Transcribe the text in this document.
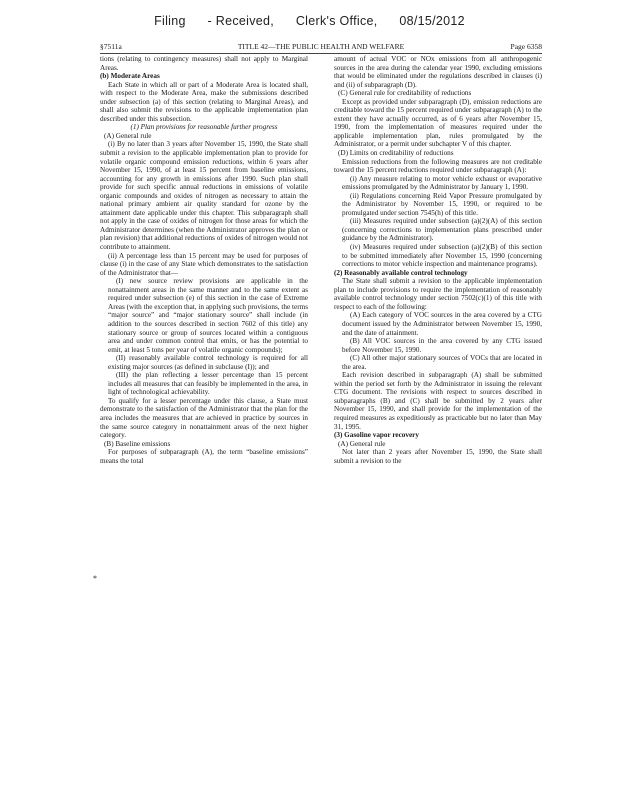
Filing - Received, Clerk's Office, 08/15/2012
§7511a	TITLE 42—THE PUBLIC HEALTH AND WELFARE	Page 6358

tions (relating to contingency measures) shall not apply to Marginal Areas.

(b) Moderate Areas

Each State in which all or part of a Moderate Area is located shall, with respect to the Moderate Area, make the submissions described under subsection (a) of this section (relating to Marginal Areas), and shall also submit the revisions to the applicable implementation plan described under this subsection.

(1) Plan provisions for reasonable further progress

(A) General rule

(i) By no later than 3 years after November 15, 1990, the State shall submit a revision to the applicable implementation plan to provide for volatile organic compound emission reductions, within 6 years after November 15, 1990, of at least 15 percent from baseline emissions, accounting for any growth in emissions after 1990. Such plan shall provide for such specific annual reductions in emissions of volatile organic compounds and oxides of nitrogen as necessary to attain the national primary ambient air quality standard for ozone by the attainment date applicable under this chapter. This subparagraph shall not apply in the case of oxides of nitrogen for those areas for which the Administrator determines (when the Administrator approves the plan or plan revision) that additional reductions of oxides of nitrogen would not contribute to attainment.

(ii) A percentage less than 15 percent may be used for purposes of clause (i) in the case of any State which demonstrates to the satisfaction of the Administrator that—

(I) new source review provisions are applicable in the nonattainment areas in the same manner and to the same extent as required under subsection (e) of this section in the case of Extreme Areas (with the exception that, in applying such provisions, the terms “major source” and “major stationary source” shall include (in addition to the sources described in section 7602 of this title) any stationary source or group of sources located within a contiguous area and under common control that emits, or has the potential to emit, at least 5 tons per year of volatile organic compounds);

(II) reasonably available control technology is required for all existing major sources (as defined in subclause (I)); and

(III) the plan reflecting a lesser percentage than 15 percent includes all measures that can feasibly be implemented in the area, in light of technological achievability.

To qualify for a lesser percentage under this clause, a State must demonstrate to the satisfaction of the Administrator that the plan for the area includes the measures that are achieved in practice by sources in the same source category in nonattainment areas of the next higher category.

(B) Baseline emissions

For purposes of subparagraph (A), the term “baseline emissions” means the total

amount of actual VOC or NOx emissions from all anthropogenic sources in the area during the calendar year 1990, excluding emissions that would be eliminated under the regulations described in clauses (i) and (ii) of subparagraph (D).

(C) General rule for creditability of reductions

Except as provided under subparagraph (D), emission reductions are creditable toward the 15 percent required under subparagraph (A) to the extent they have actually occurred, as of 6 years after November 15, 1990, from the implementation of measures required under the applicable implementation plan, rules promulgated by the Administrator, or a permit under subchapter V of this chapter.

(D) Limits on creditability of reductions

Emission reductions from the following measures are not creditable toward the 15 percent reductions required under subparagraph (A):

(i) Any measure relating to motor vehicle exhaust or evaporative emissions promulgated by the Administrator by January 1, 1990.

(ii) Regulations concerning Reid Vapor Pressure promulgated by the Administrator by November 15, 1990, or required to be promulgated under section 7545(h) of this title.

(iii) Measures required under subsection (a)(2)(A) of this section (concerning corrections to implementation plans prescribed under guidance by the Administrator).

(iv) Measures required under subsection (a)(2)(B) of this section to be submitted immediately after November 15, 1990 (concerning corrections to motor vehicle inspection and maintenance programs).

(2) Reasonably available control technology

The State shall submit a revision to the applicable implementation plan to include provisions to require the implementation of reasonably available control technology under section 7502(c)(1) of this title with respect to each of the following:

(A) Each category of VOC sources in the area covered by a CTG document issued by the Administrator between November 15, 1990, and the date of attainment.

(B) All VOC sources in the area covered by any CTG issued before November 15, 1990.

(C) All other major stationary sources of VOCs that are located in the area.

Each revision described in subparagraph (A) shall be submitted within the period set forth by the Administrator in issuing the relevant CTG document. The revisions with respect to sources described in subparagraphs (B) and (C) shall be submitted by 2 years after November 15, 1990, and shall provide for the implementation of the required measures as expeditiously as practicable but no later than May 31, 1995.

(3) Gasoline vapor recovery

(A) General rule

Not later than 2 years after November 15, 1990, the State shall submit a revision to the

*
